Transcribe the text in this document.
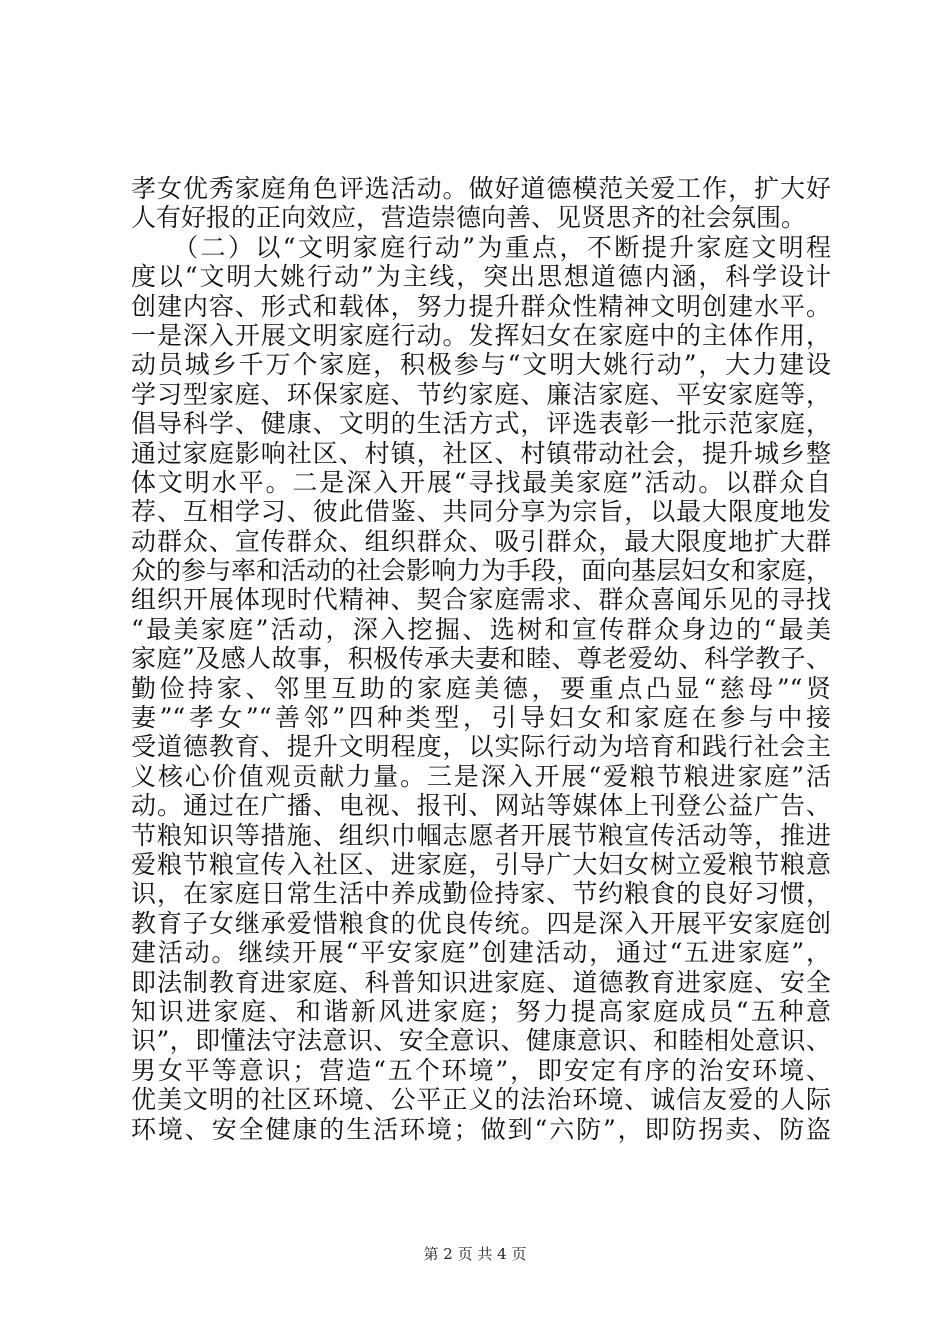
孝女优秀家庭角色评选活动。做好道德模范关爱工作，扩大好
人有好报的正向效应，营造崇德向善、见贤思齐的社会氛围。
　　（二）以“文明家庭行动”为重点，不断提升家庭文明程
度以“文明大姚行动”为主线，突出思想道德内涵，科学设计
创建内容、形式和载体，努力提升群众性精神文明创建水平。
一是深入开展文明家庭行动。发挥妇女在家庭中的主体作用，
动员城乡千万个家庭，积极参与“文明大姚行动”，大力建设
学习型家庭、环保家庭、节约家庭、廉洁家庭、平安家庭等，
倡导科学、健康、文明的生活方式，评选表彰一批示范家庭，
通过家庭影响社区、村镇，社区、村镇带动社会，提升城乡整
体文明水平。二是深入开展“寻找最美家庭”活动。以群众自
荐、互相学习、彼此借鉴、共同分享为宗旨，以最大限度地发
动群众、宣传群众、组织群众、吸引群众，最大限度地扩大群
众的参与率和活动的社会影响力为手段，面向基层妇女和家庭，
组织开展体现时代精神、契合家庭需求、群众喜闻乐见的寻找
“最美家庭”活动，深入挖掘、选树和宣传群众身边的“最美
家庭”及感人故事，积极传承夫妻和睦、尊老爱幼、科学教子、
勤俭持家、邻里互助的家庭美德，要重点凸显“慈母”“贤
妻”“孝女”“善邻”四种类型，引导妇女和家庭在参与中接
受道德教育、提升文明程度，以实际行动为培育和践行社会主
义核心价值观贡献力量。三是深入开展“爱粮节粮进家庭”活
动。通过在广播、电视、报刊、网站等媒体上刊登公益广告、
节粮知识等措施、组织巾帼志愿者开展节粮宣传活动等，推进
爱粮节粮宣传入社区、进家庭，引导广大妇女树立爱粮节粮意
识，在家庭日常生活中养成勤俭持家、节约粮食的良好习惯，
教育子女继承爱惜粮食的优良传统。四是深入开展平安家庭创
建活动。继续开展“平安家庭”创建活动，通过“五进家庭”，
即法制教育进家庭、科普知识进家庭、道德教育进家庭、安全
知识进家庭、和谐新风进家庭；努力提高家庭成员“五种意
识”，即懂法守法意识、安全意识、健康意识、和睦相处意识、
男女平等意识；营造“五个环境”，即安定有序的治安环境、
优美文明的社区环境、公平正义的法治环境、诚信友爱的人际
环境、安全健康的生活环境；做到“六防”，即防拐卖、防盗
第 2 页 共 4 页
